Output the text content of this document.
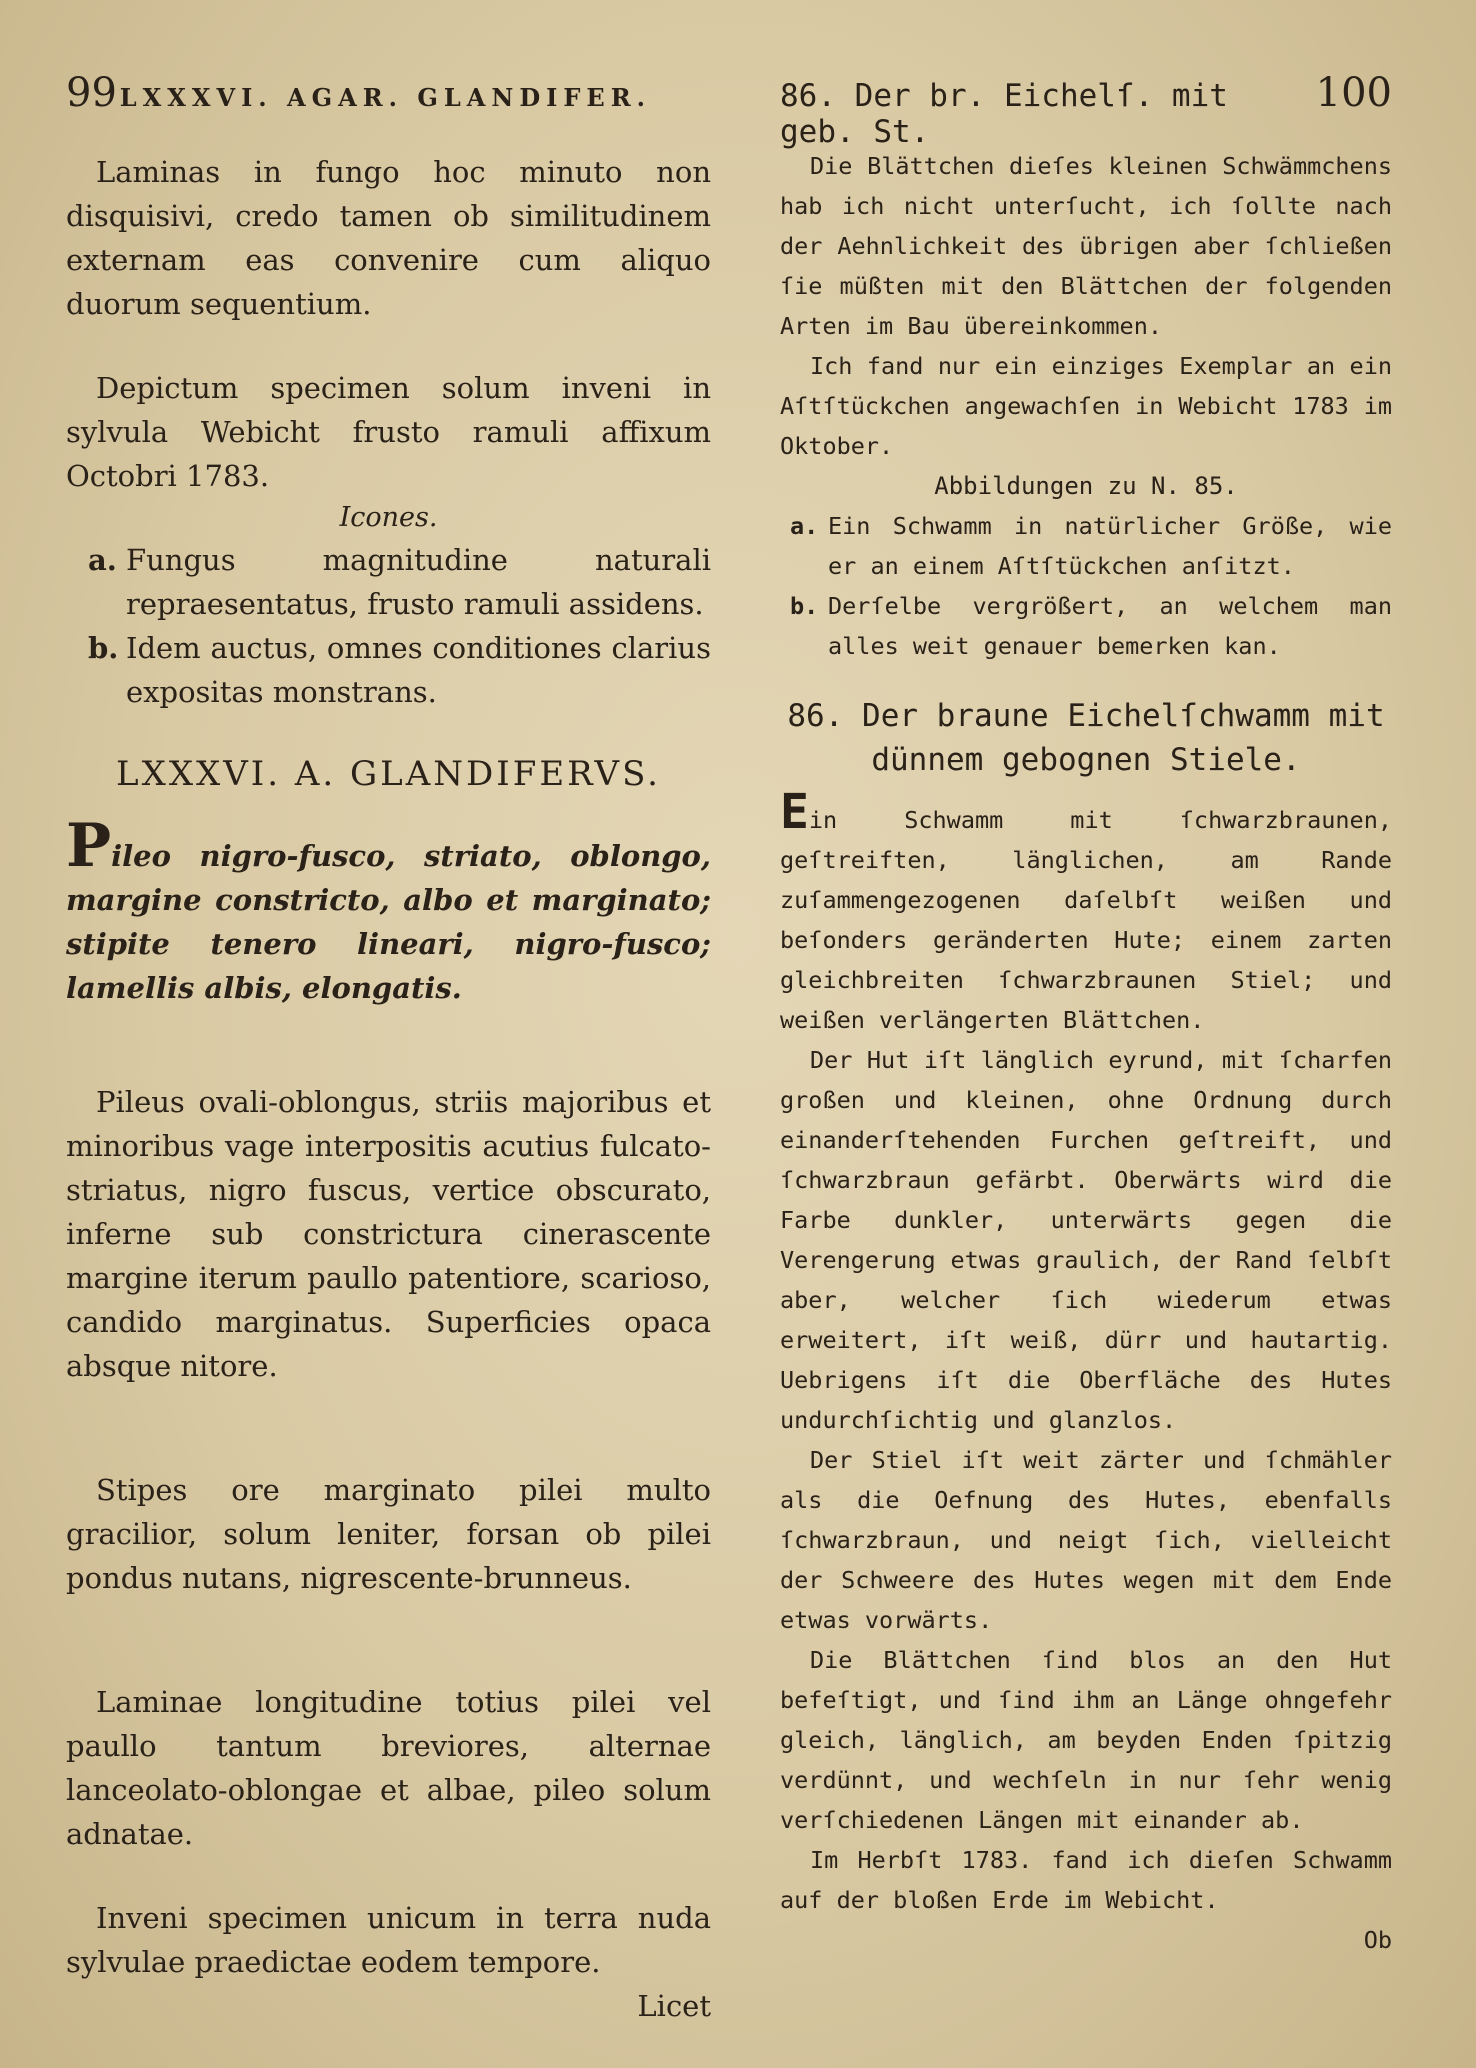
99 LXXXVI. AGAR. GLANDIFER.

Laminas in fungo hoc minuto non disquisivi, credo tamen ob similitudinem externam eas convenire cum aliquo duorum sequentium.

Depictum specimen solum inveni in sylvula Webicht frusto ramuli affixum Octobri 1783.

Icones.
a. Fungus magnitudine naturali repraesentatus, frusto ramuli assidens.
b. Idem auctus, omnes conditiones clarius expositas monstrans.
LXXXVI. A. GLANDIFERVS.
Pileo nigro-fusco, striato, oblongo, margine constricto, albo et marginato; stipite tenero lineari, nigro-fusco; lamellis albis, elongatis.

Pileus ovali-oblongus, striis majoribus et minoribus vage interpositis acutius fulcato-striatus, nigro fuscus, vertice obscurato, inferne sub constrictura cinerascente margine iterum paullo patentiore, scarioso, candido marginatus. Superficies opaca absque nitore.

Stipes ore marginato pilei multo gracilior, solum leniter, forsan ob pilei pondus nutans, nigrescente-brunneus.

Laminae longitudine totius pilei vel paullo tantum breviores, alternae lanceolato-oblongae et albae, pileo solum adnatae.

Inveni specimen unicum in terra nuda sylvulae praedictae eodem tempore.

Licet

86. Der br. Eichelſ. mit geb. St.
100

Die Blättchen dieſes kleinen Schwämmchens hab ich nicht unterſucht, ich ſollte nach der Aehnlichkeit des übrigen aber ſchließen ſie müßten mit den Blättchen der folgenden Arten im Bau übereinkommen.

Ich fand nur ein einziges Exemplar an ein Aſtſtückchen angewachſen in Webicht 1783 im Oktober.

Abbildungen zu N. 85.
a. Ein Schwamm in natürlicher Größe, wie er an einem Aſtſtückchen anſitzt.
b. Derſelbe vergrößert, an welchem man alles weit genauer bemerken kan.
86. Der braune Eichelſchwamm mit dünnem gebognen Stiele.

Ein Schwamm mit ſchwarzbraunen, geſtreiften, länglichen, am Rande zuſammengezogenen daſelbſt weißen und beſonders geränderten Hute; einem zarten gleichbreiten ſchwarzbraunen Stiel; und weißen verlängerten Blättchen.

Der Hut iſt länglich eyrund, mit ſcharfen großen und kleinen, ohne Ordnung durch einanderſtehenden Furchen geſtreift, und ſchwarzbraun gefärbt. Oberwärts wird die Farbe dunkler, unterwärts gegen die Verengerung etwas graulich, der Rand ſelbſt aber, welcher ſich wiederum etwas erweitert, iſt weiß, dürr und hautartig. Uebrigens iſt die Oberfläche des Hutes undurchſichtig und glanzlos.

Der Stiel iſt weit zärter und ſchmähler als die Oefnung des Hutes, ebenfalls ſchwarzbraun, und neigt ſich, vielleicht der Schweere des Hutes wegen mit dem Ende etwas vorwärts.

Die Blättchen ſind blos an den Hut befeſtigt, und ſind ihm an Länge ohngefehr gleich, länglich, am beyden Enden ſpitzig verdünnt, und wechſeln in nur ſehr wenig verſchiedenen Längen mit einander ab.

Im Herbſt 1783. fand ich dieſen Schwamm auf der bloßen Erde im Webicht.

Ob
